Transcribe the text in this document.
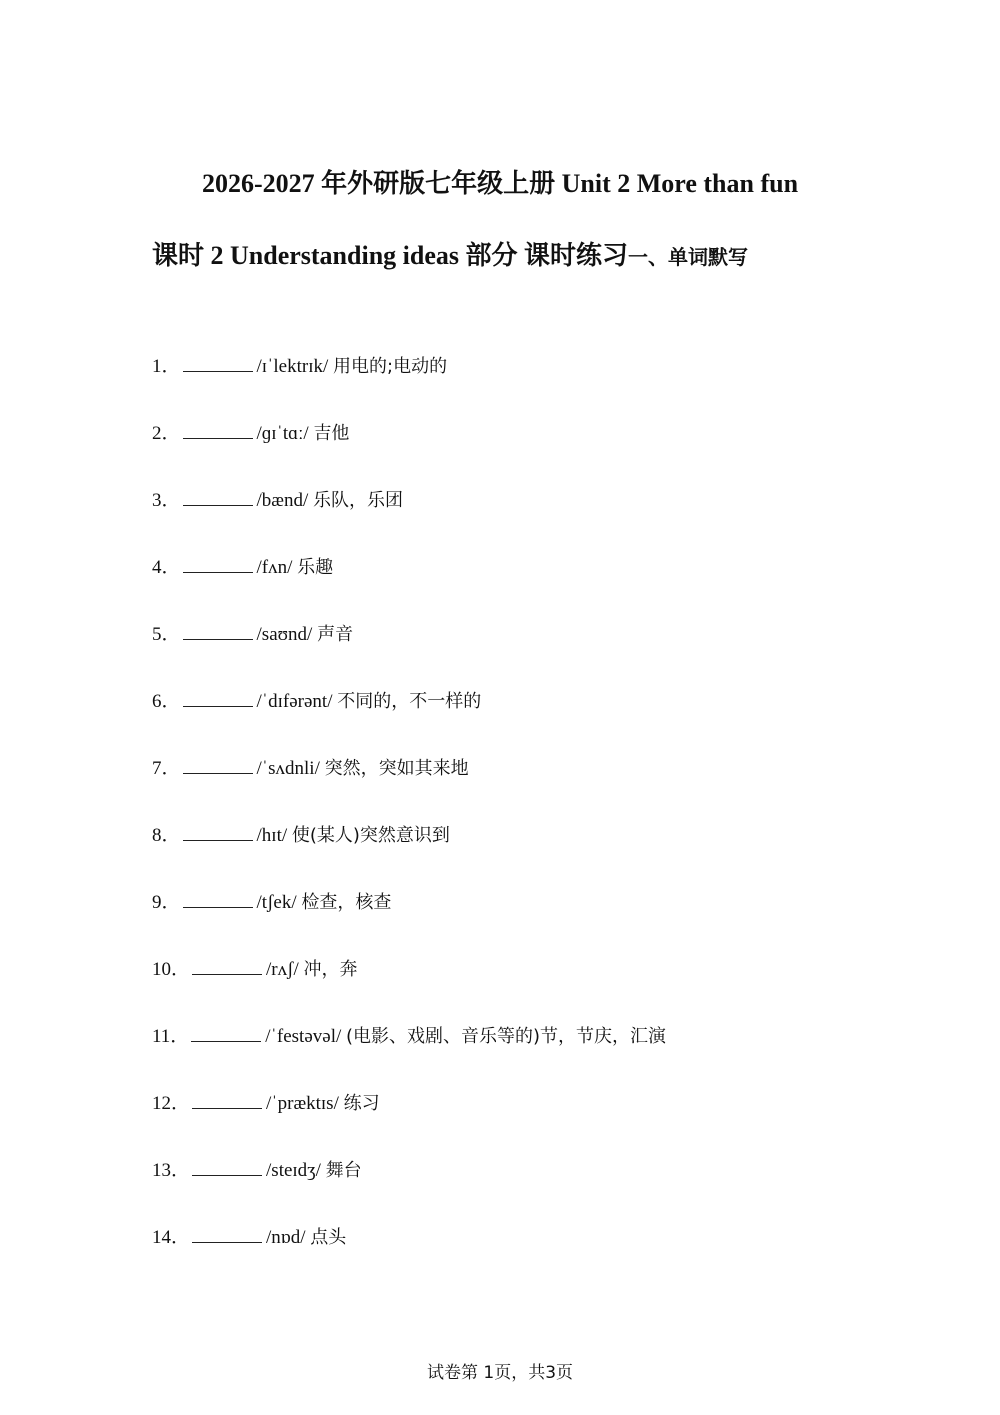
2026-2027 年外研版七年级上册 Unit 2 More than fun
课时 2 Understanding ideas 部分 课时练习一、单词默写
1．	/ɪˈlektrɪk/ 用电的;电动的
2．	/ɡɪˈtɑː/ 吉他
3．	/bænd/ 乐队，乐团
4．	/fʌn/ 乐趣
5．	/saʊnd/ 声音
6．	/ˈdɪfərənt/ 不同的，不一样的
7．	/ˈsʌdnli/ 突然，突如其来地
8．	/hɪt/ 使(某人)突然意识到
9．	/tʃek/ 检查，核查
10．	/rʌʃ/ 冲，奔
11．	/ˈfestəvəl/ (电影、戏剧、音乐等的)节，节庆，汇演
12．	/ˈpræktɪs/ 练习
13．	/steɪdʒ/ 舞台
14．	/nɒd/ 点头
试卷第 1页，共3页
